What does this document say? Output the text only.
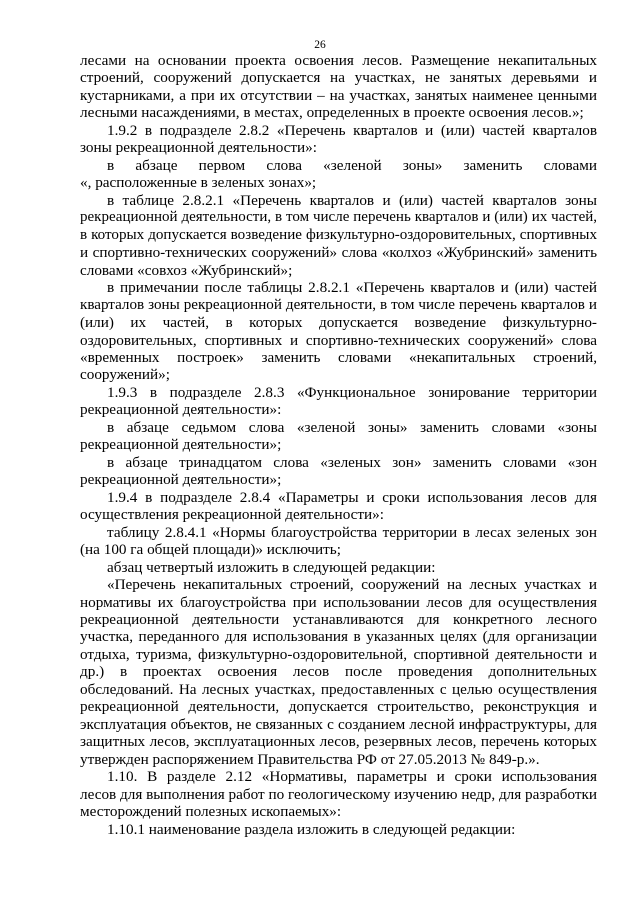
26
лесами на основании проекта освоения лесов. Размещение некапитальных
строений, сооружений допускается на участках, не занятых деревьями и
кустарниками, а при их отсутствии – на участках, занятых наименее ценными
лесными насаждениями, в местах, определенных в проекте освоения лесов.»;
1.9.2 в подразделе 2.8.2 «Перечень кварталов и (или) частей кварталов
зоны рекреационной деятельности»:
в абзаце первом слова «зеленой зоны» заменить словами
«, расположенные в зеленых зонах»;
в таблице 2.8.2.1 «Перечень кварталов и (или) частей кварталов зоны
рекреационной деятельности, в том числе перечень кварталов и (или) их частей,
в которых допускается возведение физкультурно-оздоровительных, спортивных
и спортивно-технических сооружений» слова «колхоз «Жубринский» заменить
словами «совхоз «Жубринский»;
в примечании после таблицы 2.8.2.1 «Перечень кварталов и (или) частей
кварталов зоны рекреационной деятельности, в том числе перечень кварталов и
(или) их частей, в которых допускается возведение физкультурно-
оздоровительных, спортивных и спортивно-технических сооружений» слова
«временных построек» заменить словами «некапитальных строений,
сооружений»;
1.9.3 в подразделе 2.8.3 «Функциональное зонирование территории
рекреационной деятельности»:
в абзаце седьмом слова «зеленой зоны» заменить словами «зоны
рекреационной деятельности»;
в абзаце тринадцатом слова «зеленых зон» заменить словами «зон
рекреационной деятельности»;
1.9.4 в подразделе 2.8.4 «Параметры и сроки использования лесов для
осуществления рекреационной деятельности»:
таблицу 2.8.4.1 «Нормы благоустройства территории в лесах зеленых зон
(на 100 га общей площади)» исключить;
абзац четвертый изложить в следующей редакции:
«Перечень некапитальных строений, сооружений на лесных участках и
нормативы их благоустройства при использовании лесов для осуществления
рекреационной деятельности устанавливаются для конкретного лесного
участка, переданного для использования в указанных целях (для организации
отдыха, туризма, физкультурно-оздоровительной, спортивной деятельности и
др.) в проектах освоения лесов после проведения дополнительных
обследований. На лесных участках, предоставленных с целью осуществления
рекреационной деятельности, допускается строительство, реконструкция и
эксплуатация объектов, не связанных с созданием лесной инфраструктуры, для
защитных лесов, эксплуатационных лесов, резервных лесов, перечень которых
утвержден распоряжением Правительства РФ от 27.05.2013 № 849-р.».
1.10. В разделе 2.12 «Нормативы, параметры и сроки использования
лесов для выполнения работ по геологическому изучению недр, для разработки
месторождений полезных ископаемых»:
1.10.1 наименование раздела изложить в следующей редакции:
